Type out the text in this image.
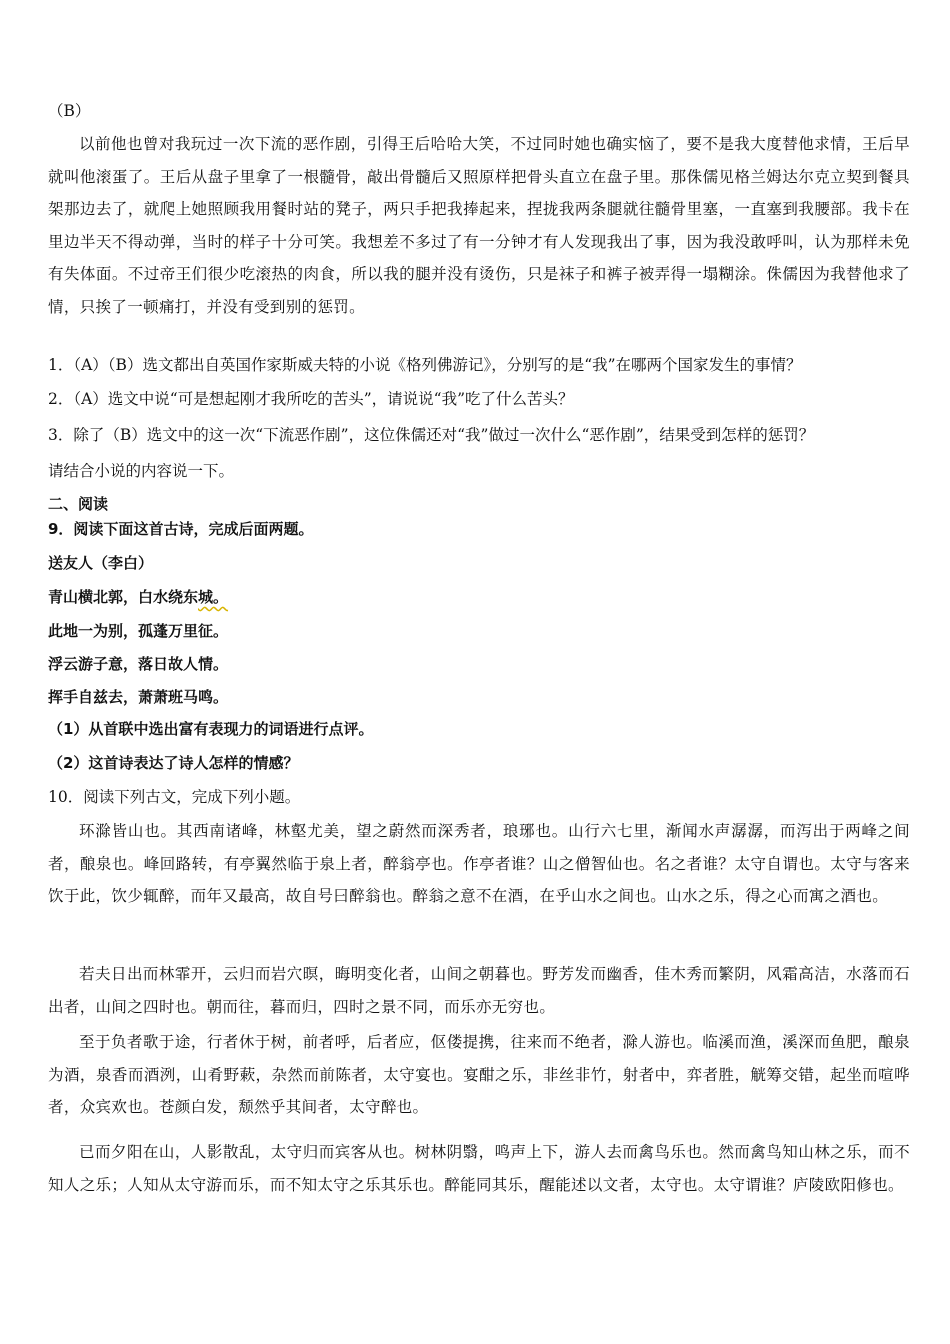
（B）
以前他也曾对我玩过一次下流的恶作剧，引得王后哈哈大笑，不过同时她也确实恼了，要不是我大度替他求情，王后早就叫他滚蛋了。王后从盘子里拿了一根髓骨，敲出骨髓后又照原样把骨头直立在盘子里。那侏儒见格兰姆达尔克立契到餐具架那边去了，就爬上她照顾我用餐时站的凳子，两只手把我捧起来，捏拢我两条腿就往髓骨里塞，一直塞到我腰部。我卡在里边半天不得动弹，当时的样子十分可笑。我想差不多过了有一分钟才有人发现我出了事，因为我没敢呼叫，认为那样未免有失体面。不过帝王们很少吃滚热的肉食，所以我的腿并没有烫伤，只是袜子和裤子被弄得一塌糊涂。侏儒因为我替他求了情，只挨了一顿痛打，并没有受到别的惩罚。
1．（A）（B）选文都出自英国作家斯威夫特的小说《格列佛游记》，分别写的是“我”在哪两个国家发生的事情？
2．（A）选文中说“可是想起刚才我所吃的苦头”，请说说“我”吃了什么苦头？
3．除了（B）选文中的这一次“下流恶作剧”，这位侏儒还对“我”做过一次什么“恶作剧”，结果受到怎样的惩罚？
请结合小说的内容说一下。
二、阅读
9．阅读下面这首古诗，完成后面两题。
送友人（李白）
青山横北郭，白水绕东城。
此地一为别，孤蓬万里征。
浮云游子意，落日故人情。
挥手自兹去，萧萧班马鸣。
（1）从首联中选出富有表现力的词语进行点评。
（2）这首诗表达了诗人怎样的情感？
10．阅读下列古文，完成下列小题。
环滁皆山也。其西南诸峰，林壑尤美，望之蔚然而深秀者，琅琊也。山行六七里，渐闻水声潺潺，而泻出于两峰之间者，酿泉也。峰回路转，有亭翼然临于泉上者，醉翁亭也。作亭者谁？山之僧智仙也。名之者谁？太守自谓也。太守与客来饮于此，饮少辄醉，而年又最高，故自号曰醉翁也。醉翁之意不在酒，在乎山水之间也。山水之乐，得之心而寓之酒也。
若夫日出而林霏开，云归而岩穴暝，晦明变化者，山间之朝暮也。野芳发而幽香，佳木秀而繁阴，风霜高洁，水落而石出者，山间之四时也。朝而往，暮而归，四时之景不同，而乐亦无穷也。
至于负者歌于途，行者休于树，前者呼，后者应，伛偻提携，往来而不绝者，滁人游也。临溪而渔，溪深而鱼肥，酿泉为酒，泉香而酒洌，山肴野蔌，杂然而前陈者，太守宴也。宴酣之乐，非丝非竹，射者中，弈者胜，觥筹交错，起坐而喧哗者，众宾欢也。苍颜白发，颓然乎其间者，太守醉也。
已而夕阳在山，人影散乱，太守归而宾客从也。树林阴翳，鸣声上下，游人去而禽鸟乐也。然而禽鸟知山林之乐，而不知人之乐；人知从太守游而乐，而不知太守之乐其乐也。醉能同其乐，醒能述以文者，太守也。太守谓谁？庐陵欧阳修也。
